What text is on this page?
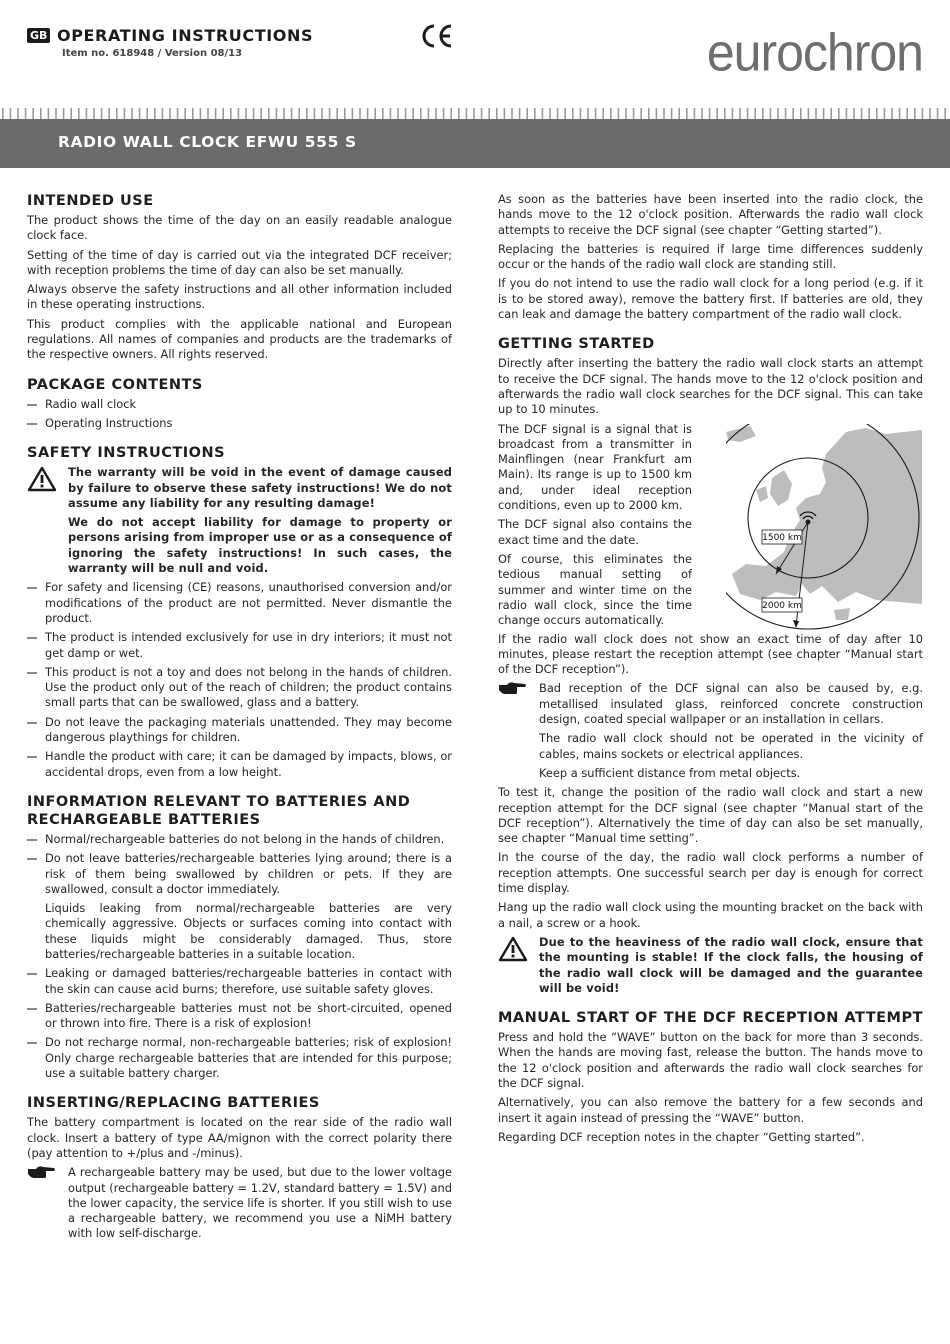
GB OPERATING INSTRUCTIONS
Item no. 618948 / Version 08/13	eurochron
RADIO WALL CLOCK EFWU 555 S
INTENDED USE

The product shows the time of the day on an easily readable analogue clock face.

Setting of the time of day is carried out via the integrated DCF receiver; with reception problems the time of day can also be set manually.

Always observe the safety instructions and all other information included in these operating instructions.

This product complies with the applicable national and European regulations. All names of companies and products are the trademarks of the respective owners. All rights reserved.

PACKAGE CONTENTS

Radio wall clock

Operating Instructions

SAFETY INSTRUCTIONS

The warranty will be void in the event of damage caused by failure to observe these safety instructions! We do not assume any liability for any resulting damage!

We do not accept liability for damage to property or persons arising from improper use or as a consequence of ignoring the safety instructions! In such cases, the warranty will be null and void.

For safety and licensing (CE) reasons, unauthorised conversion and/or modifications of the product are not permitted. Never dismantle the product.

The product is intended exclusively for use in dry interiors; it must not get damp or wet.

This product is not a toy and does not belong in the hands of children. Use the product only out of the reach of children; the product contains small parts that can be swallowed, glass and a battery.

Do not leave the packaging materials unattended. They may become dangerous playthings for children.

Handle the product with care; it can be damaged by impacts, blows, or accidental drops, even from a low height.

INFORMATION RELEVANT TO BATTERIES AND
RECHARGEABLE BATTERIES

Normal/rechargeable batteries do not belong in the hands of children.

Do not leave batteries/rechargeable batteries lying around; there is a risk of them being swallowed by children or pets. If they are swallowed, consult a doctor immediately.

Liquids leaking from normal/rechargeable batteries are very chemically aggressive. Objects or surfaces coming into contact with these liquids might be considerably damaged. Thus, store batteries/rechargeable batteries in a suitable location.

Leaking or damaged batteries/rechargeable batteries in contact with the skin can cause acid burns; therefore, use suitable safety gloves.

Batteries/rechargeable batteries must not be short-circuited, opened or thrown into fire. There is a risk of explosion!

Do not recharge normal, non-rechargeable batteries; risk of explosion! Only charge rechargeable batteries that are intended for this purpose; use a suitable battery charger.

INSERTING/REPLACING BATTERIES

The battery compartment is located on the rear side of the radio wall clock. Insert a battery of type AA/mignon with the correct polarity there (pay attention to +/plus and -/minus).

A rechargeable battery may be used, but due to the lower voltage output (rechargeable battery = 1.2V, standard battery = 1.5V) and the lower capacity, the service life is shorter. If you still wish to use a rechargeable battery, we recommend you use a NiMH battery with low self-discharge.

As soon as the batteries have been inserted into the radio clock, the hands move to the 12 o'clock position. Afterwards the radio wall clock attempts to receive the DCF signal (see chapter “Getting started”).

Replacing the batteries is required if large time differences suddenly occur or the hands of the radio wall clock are standing still.

If you do not intend to use the radio wall clock for a long period (e.g. if it is to be stored away), remove the battery first. If batteries are old, they can leak and damage the battery compartment of the radio wall clock.

GETTING STARTED

Directly after inserting the battery the radio wall clock starts an attempt to receive the DCF signal. The hands move to the 12 o'clock position and afterwards the radio wall clock searches for the DCF signal. This can take up to 10 minutes.

The DCF signal is a signal that is broadcast from a transmitter in Mainflingen (near Frankfurt am Main). Its range is up to 1500 km and, under ideal reception conditions, even up to 2000 km.

The DCF signal also contains the exact time and the date.

Of course, this eliminates the tedious manual setting of summer and winter time on the radio wall clock, since the time change occurs automatically.

1500 km
2000 km

If the radio wall clock does not show an exact time of day after 10 minutes, please restart the reception attempt (see chapter “Manual start of the DCF reception”).

Bad reception of the DCF signal can also be caused by, e.g. metallised insulated glass, reinforced concrete construction design, coated special wallpaper or an installation in cellars.

The radio wall clock should not be operated in the vicinity of cables, mains sockets or electrical appliances.

Keep a sufficient distance from metal objects.

To test it, change the position of the radio wall clock and start a new reception attempt for the DCF signal (see chapter “Manual start of the DCF reception”). Alternatively the time of day can also be set manually, see chapter “Manual time setting”.

In the course of the day, the radio wall clock performs a number of reception attempts. One successful search per day is enough for correct time display.

Hang up the radio wall clock using the mounting bracket on the back with a nail, a screw or a hook.

Due to the heaviness of the radio wall clock, ensure that the mounting is stable! If the clock falls, the housing of the radio wall clock will be damaged and the guarantee will be void!

MANUAL START OF THE DCF RECEPTION ATTEMPT

Press and hold the “WAVE” button on the back for more than 3 seconds. When the hands are moving fast, release the button. The hands move to the 12 o'clock position and afterwards the radio wall clock searches for the DCF signal.

Alternatively, you can also remove the battery for a few seconds and insert it again instead of pressing the “WAVE” button.

Regarding DCF reception notes in the chapter “Getting started”.
